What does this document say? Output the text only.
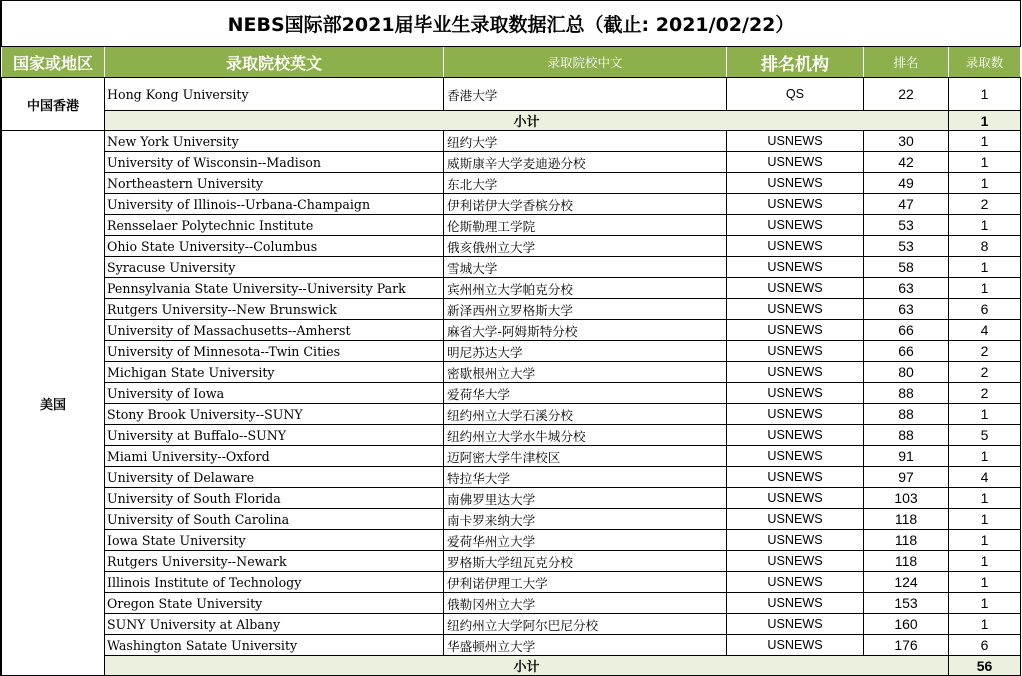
NEBS国际部2021届毕业生录取数据汇总（截止: 2021/02/22）					
国家或地区	录取院校英文	录取院校中文	排名机构	排名	录取数
中国香港	Hong Kong University	香港大学	QS	22	1
	小计				1
美国	New York University	纽约大学	USNEWS	30	1
	University of Wisconsin--Madison	威斯康辛大学麦迪逊分校	USNEWS	42	1
	Northeastern University	东北大学	USNEWS	49	1
	University of Illinois--Urbana-Champaign	伊利诺伊大学香槟分校	USNEWS	47	2
	Rensselaer Polytechnic Institute	伦斯勒理工学院	USNEWS	53	1
	Ohio State University--Columbus	俄亥俄州立大学	USNEWS	53	8
	Syracuse University	雪城大学	USNEWS	58	1
	Pennsylvania State University--University Park	宾州州立大学帕克分校	USNEWS	63	1
	Rutgers University--New Brunswick	新泽西州立罗格斯大学	USNEWS	63	6
	University of Massachusetts--Amherst	麻省大学-阿姆斯特分校	USNEWS	66	4
	University of Minnesota--Twin Cities	明尼苏达大学	USNEWS	66	2
	Michigan State University	密歇根州立大学	USNEWS	80	2
	University of Iowa	爱荷华大学	USNEWS	88	2
	Stony Brook University--SUNY	纽约州立大学石溪分校	USNEWS	88	1
	University at Buffalo--SUNY	纽约州立大学水牛城分校	USNEWS	88	5
	Miami University--Oxford	迈阿密大学牛津校区	USNEWS	91	1
	University of Delaware	特拉华大学	USNEWS	97	4
	University of South Florida	南佛罗里达大学	USNEWS	103	1
	University of South Carolina	南卡罗来纳大学	USNEWS	118	1
	Iowa State University	爱荷华州立大学	USNEWS	118	1
	Rutgers University--Newark	罗格斯大学纽瓦克分校	USNEWS	118	1
	Illinois Institute of Technology	伊利诺伊理工大学	USNEWS	124	1
	Oregon State University	俄勒冈州立大学	USNEWS	153	1
	SUNY University at Albany	纽约州立大学阿尔巴尼分校	USNEWS	160	1
	Washington Satate University	华盛顿州立大学	USNEWS	176	6
	小计				56
